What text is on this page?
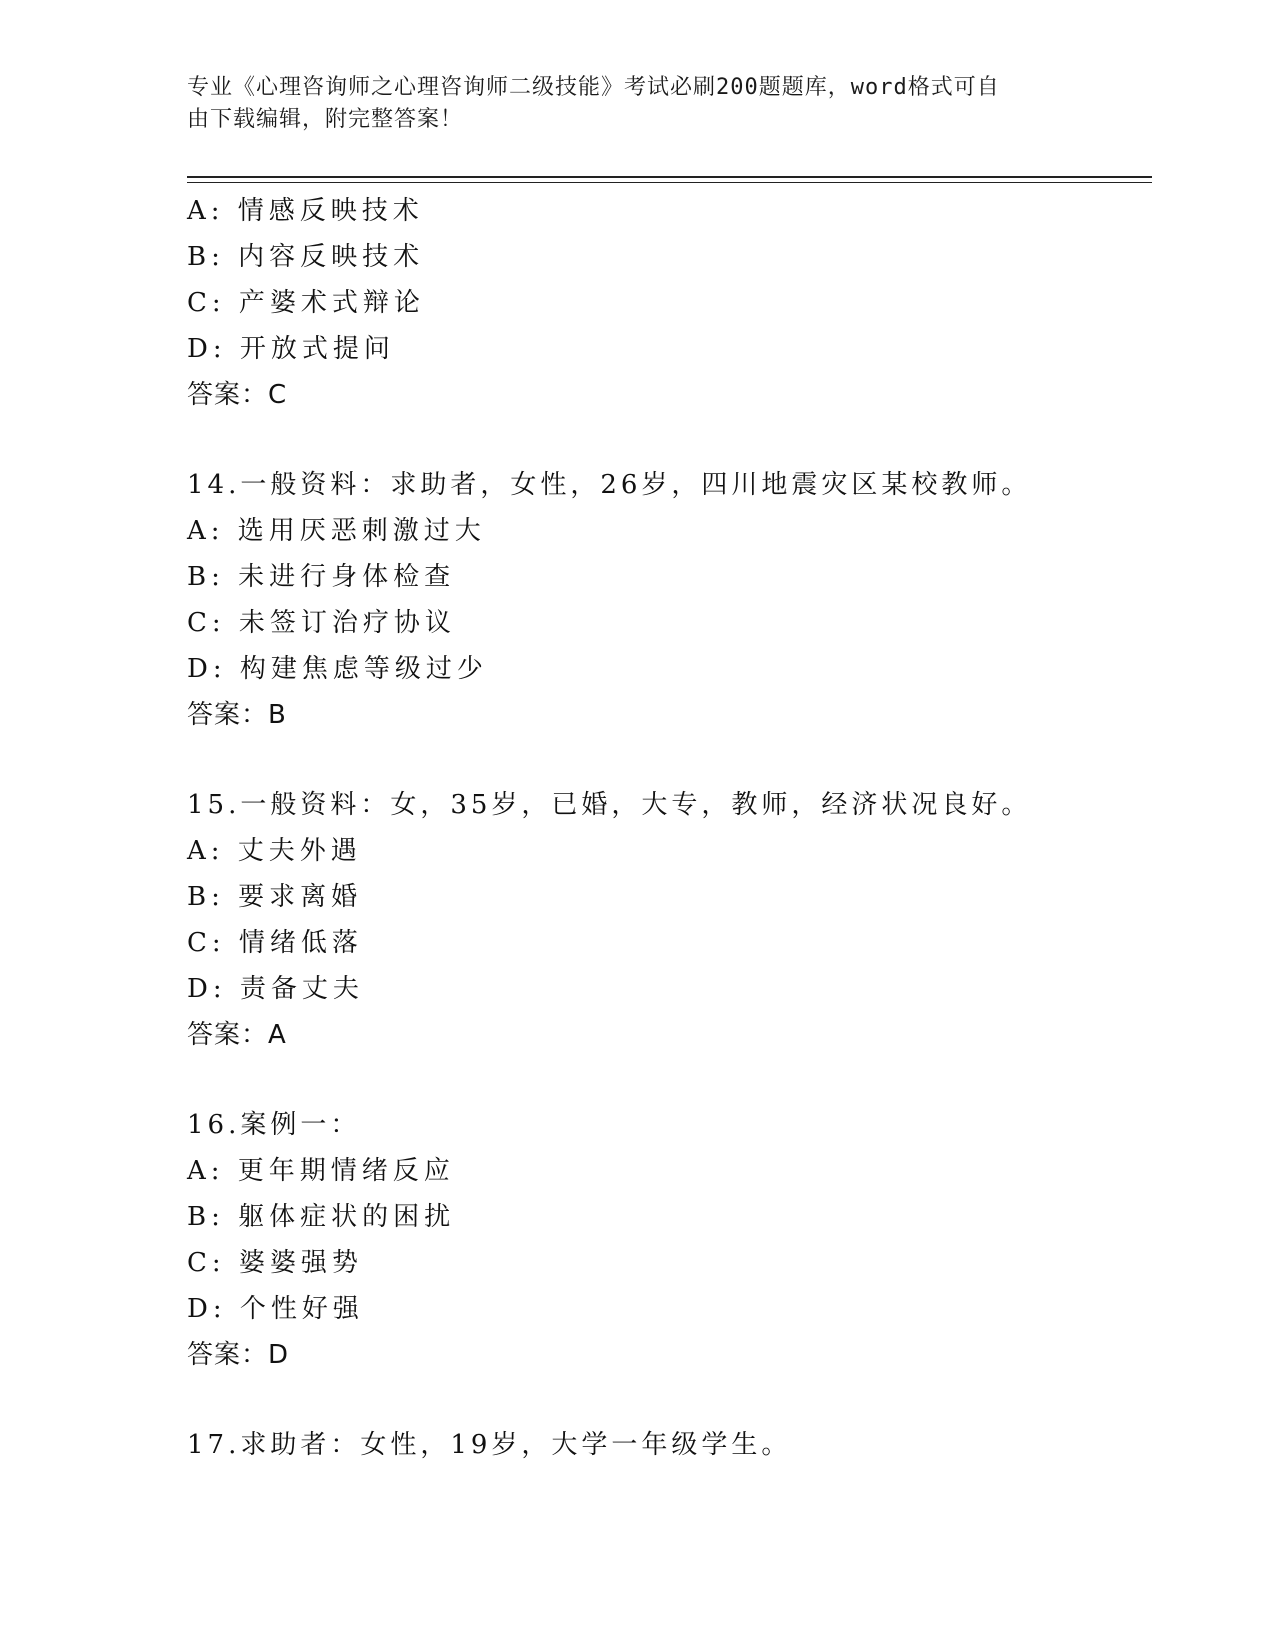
专业《心理咨询师之心理咨询师二级技能》考试必刷200题题库，word格式可自
由下载编辑，附完整答案！
A: 情感反映技术
B: 内容反映技术
C: 产婆术式辩论
D: 开放式提问
答案：C
14.一般资料：求助者，女性，26岁，四川地震灾区某校教师。
A: 选用厌恶刺激过大
B: 未进行身体检查
C: 未签订治疗协议
D: 构建焦虑等级过少
答案：B
15.一般资料：女，35岁，已婚，大专，教师，经济状况良好。
A: 丈夫外遇
B: 要求离婚
C: 情绪低落
D: 责备丈夫
答案：A
16.案例一：
A: 更年期情绪反应
B: 躯体症状的困扰
C: 婆婆强势
D: 个性好强
答案：D
17.求助者：女性，19岁，大学一年级学生。
